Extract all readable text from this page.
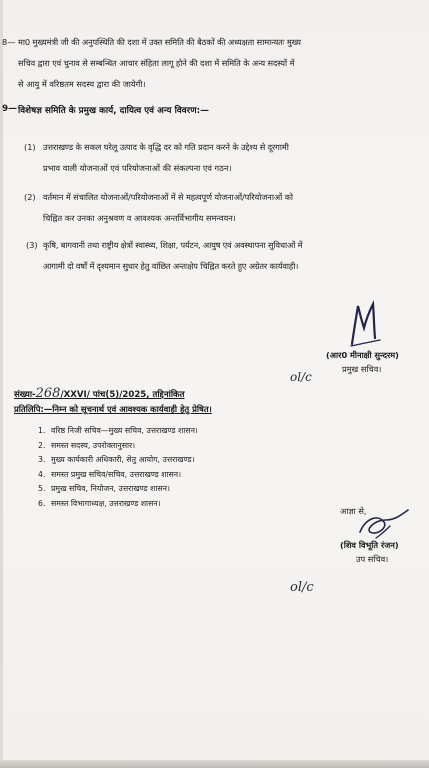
8— मा0 मुख्यमंत्री जी की अनुपस्थिति की दशा में उक्त समिति की बैठकों की अध्यक्षता सामान्यतः मुख्य
सचिव द्वारा एवं चुनाव से सम्बन्धित आचार संहिता लागू होने की दशा में समिति के अन्य सदस्यों में
से आयु में वरिष्ठतम सदस्य द्वारा की जायेगी।
9— विशेषज्ञ समिति के प्रमुख कार्य, दायित्व एवं अन्य विवरण:—
(1) उत्तराखण्ड के सकल घरेलू उत्पाद के वृद्धि दर को गति प्रदान करने के उद्देश्य से दूरगामी
प्रभाव वाली योजनाओं एवं परियोजनाओं की संकल्पना एवं गठन।
(2) वर्तमान में संचालित योजनाओं/परियोजनाओं में से महत्वपूर्ण योजनाओं/परियोजनाओं को
चिह्नित कर उनका अनुश्रवण व आवश्यक अन्तर्विभागीय समन्वयन।
(3) कृषि, बागवानी तथा राष्ट्रीय क्षेत्रों स्वास्थ्य, शिक्षा, पर्यटन, आयुष एवं अवस्थापना सुविधाओं में
आगामी दो वर्षों में दृश्यमान सुधार हेतु वांछित अन्तःक्षेप चिह्नित करते हुए अग्रेतर कार्यवाही।
(आर0 मीनाक्षी सुन्दरम)
प्रमुख सचिव।
ol/c
संख्या-268/XXVI/ पांच(5)/2025, तद्दिनांकित
प्रतिलिपि:—निम्न को सूचनार्थ एवं आवश्यक कार्यवाही हेतु प्रेषित।
1. वरिष्ठ निजी सचिव—मुख्य सचिव, उत्तराखण्ड शासन।
2. समस्त सदस्य, उपरोक्तानुसार।
3. मुख्य कार्यकारी अधिकारी, सेतु आयोग, उत्तराखण्ड।
4. समस्त प्रमुख सचिव/सचिव, उत्तराखण्ड शासन।
5. प्रमुख सचिव, नियोजन, उत्तराखण्ड शासन।
6. समस्त विभागाध्यक्ष, उत्तराखण्ड शासन।
आज्ञा से,
(शिव विभूति रंजन)
उप सचिव।
ol/c
